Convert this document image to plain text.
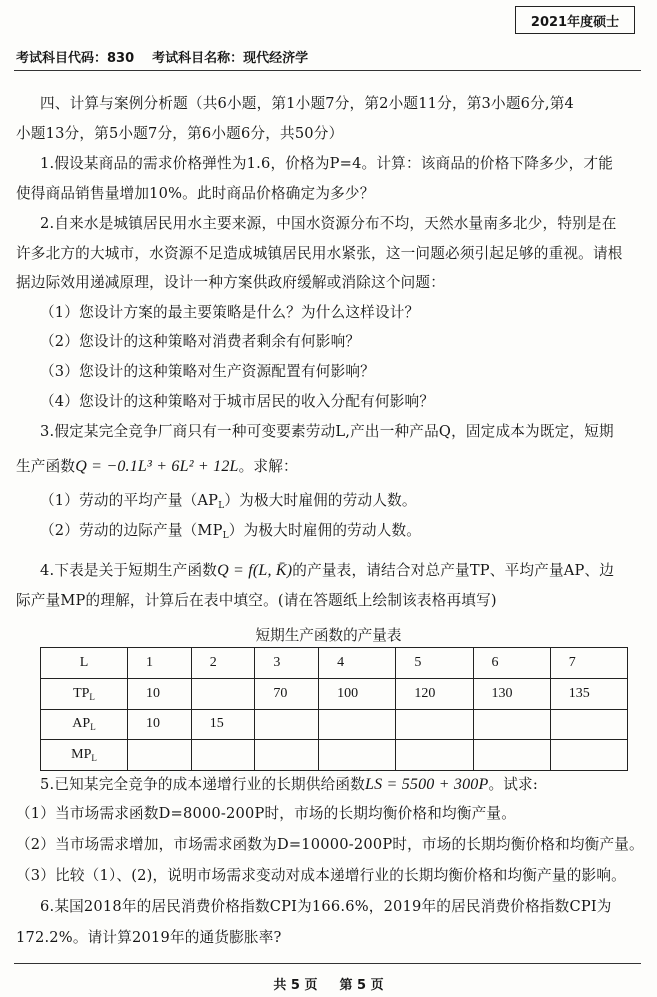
2021年度硕士
考试科目代码：830 考试科目名称：现代经济学
四、计算与案例分析题（共6小题，第1小题7分，第2小题11分，第3小题6分,第4
小题13分，第5小题7分，第6小题6分，共50分）
1.假设某商品的需求价格弹性为1.6，价格为P=4。计算：该商品的价格下降多少，才能
使得商品销售量增加10%。此时商品价格确定为多少？
2.自来水是城镇居民用水主要来源，中国水资源分布不均，天然水量南多北少，特别是在
许多北方的大城市，水资源不足造成城镇居民用水紧张，这一问题必须引起足够的重视。请根
据边际效用递减原理，设计一种方案供政府缓解或消除这个问题：
（1）您设计方案的最主要策略是什么？为什么这样设计？
（2）您设计的这种策略对消费者剩余有何影响？
（3）您设计的这种策略对生产资源配置有何影响？
（4）您设计的这种策略对于城市居民的收入分配有何影响？
3.假定某完全竞争厂商只有一种可变要素劳动L,产出一种产品Q，固定成本为既定，短期
生产函数Q = −0.1L³ + 6L² + 12L。求解：
（1）劳动的平均产量$(AP_L)$为极大时雇佣的劳动人数。
（2）劳动的边际产量$(MP_L)$为极大时雇佣的劳动人数。
4.下表是关于短期生产函数Q = f(L, K̄)的产量表，请结合对总产量TP、平均产量AP、边
际产量MP的理解，计算后在表中填空。(请在答题纸上绘制该表格再填写)
短期生产函数的产量表
L	1	2	3	4	5	6	7
$TP_L$	10		70	100	120	130	135
$AP_L$	10	15					
$MP_L$							
5.已知某完全竞争的成本递增行业的长期供给函数LS = 5500 + 300P。试求:
（1）当市场需求函数D=8000-200P时，市场的长期均衡价格和均衡产量。
（2）当市场需求增加，市场需求函数为D=10000-200P时，市场的长期均衡价格和均衡产量。
（3）比较（1）、(2)，说明市场需求变动对成本递增行业的长期均衡价格和均衡产量的影响。
6.某国2018年的居民消费价格指数CPI为166.6%，2019年的居民消费价格指数CPI为
172.2%。请计算2019年的通货膨胀率?
共 5 页 第 5 页
